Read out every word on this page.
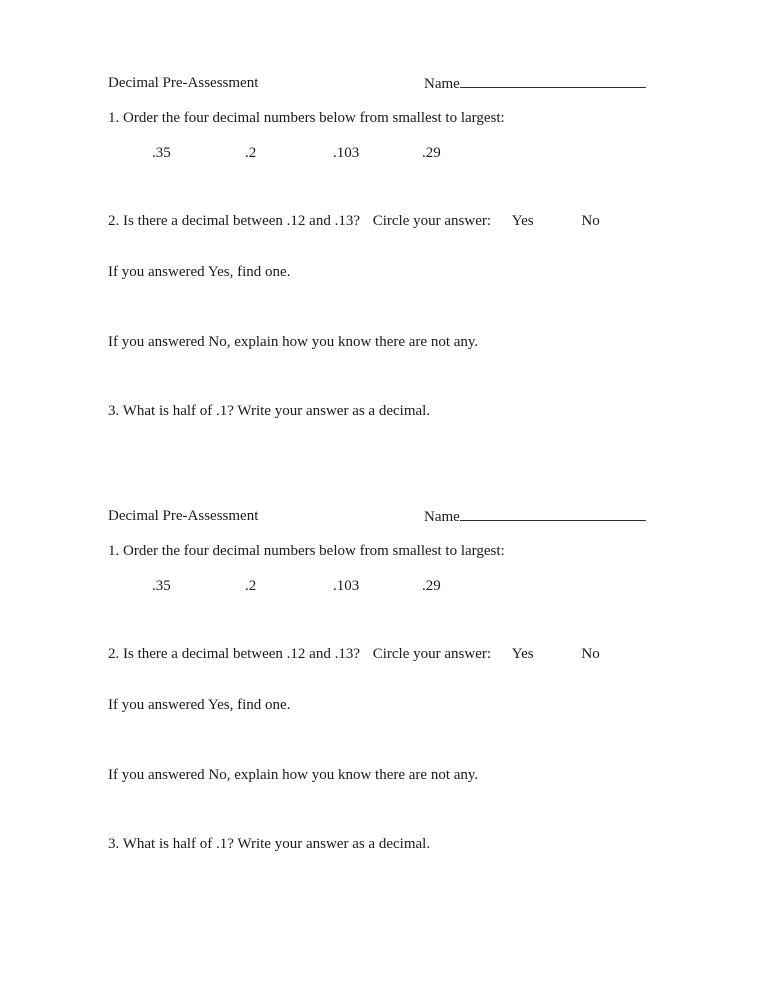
Decimal Pre-Assessment	Name
1. Order the four decimal numbers below from smallest to largest:
.35	.2	.103	.29
2. Is there a decimal between .12 and .13? Circle your answer: Yes	No
If you answered Yes, find one.
If you answered No, explain how you know there are not any.
3. What is half of .1? Write your answer as a decimal.
Decimal Pre-Assessment	Name
1. Order the four decimal numbers below from smallest to largest:
.35	.2	.103	.29
2. Is there a decimal between .12 and .13? Circle your answer: Yes	No
If you answered Yes, find one.
If you answered No, explain how you know there are not any.
3. What is half of .1? Write your answer as a decimal.
